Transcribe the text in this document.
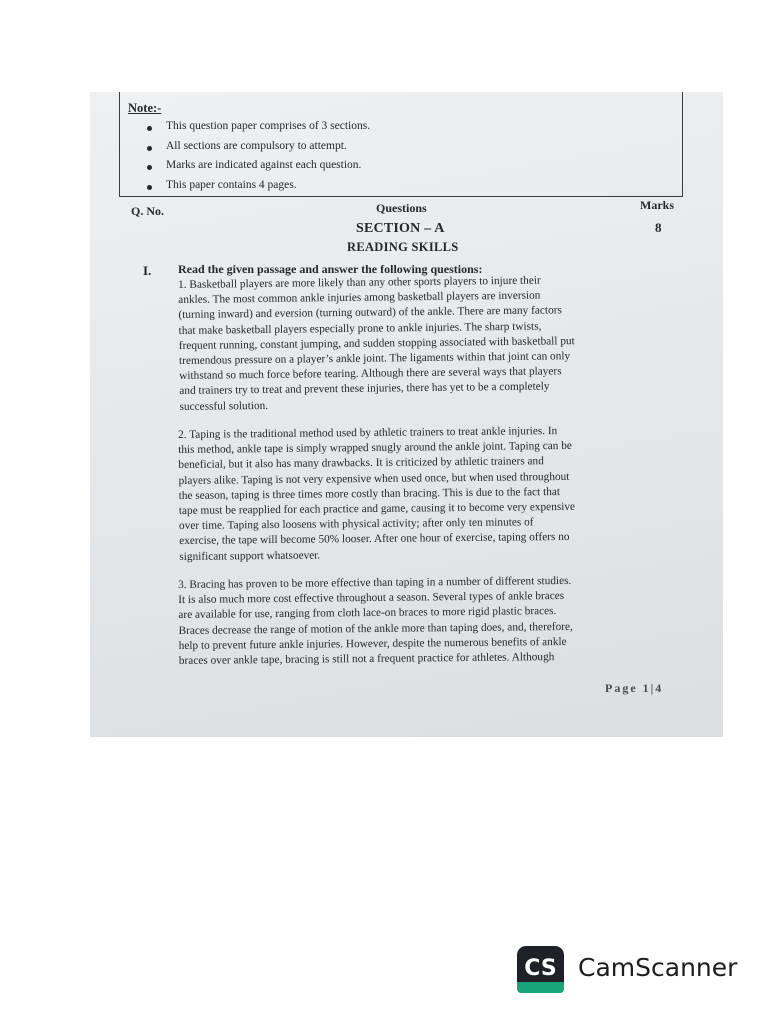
Note:-
This question paper comprises of 3 sections.
All sections are compulsory to attempt.
Marks are indicated against each question.
This paper contains 4 pages.
Q. No.	Questions	Marks
SECTION – A	8
READING SKILLS
I. Read the given passage and answer the following questions:
1. Basketball players are more likely than any other sports players to injure their
ankles. The most common ankle injuries among basketball players are inversion
(turning inward) and eversion (turning outward) of the ankle. There are many factors
that make basketball players especially prone to ankle injuries. The sharp twists,
frequent running, constant jumping, and sudden stopping associated with basketball put
tremendous pressure on a player’s ankle joint. The ligaments within that joint can only
withstand so much force before tearing. Although there are several ways that players
and trainers try to treat and prevent these injuries, there has yet to be a completely
successful solution.
2. Taping is the traditional method used by athletic trainers to treat ankle injuries. In
this method, ankle tape is simply wrapped snugly around the ankle joint. Taping can be
beneficial, but it also has many drawbacks. It is criticized by athletic trainers and
players alike. Taping is not very expensive when used once, but when used throughout
the season, taping is three times more costly than bracing. This is due to the fact that
tape must be reapplied for each practice and game, causing it to become very expensive
over time. Taping also loosens with physical activity; after only ten minutes of
exercise, the tape will become 50% looser. After one hour of exercise, taping offers no
significant support whatsoever.
3. Bracing has proven to be more effective than taping in a number of different studies.
It is also much more cost effective throughout a season. Several types of ankle braces
are available for use, ranging from cloth lace-on braces to more rigid plastic braces.
Braces decrease the range of motion of the ankle more than taping does, and, therefore,
help to prevent future ankle injuries. However, despite the numerous benefits of ankle
braces over ankle tape, bracing is still not a frequent practice for athletes. Although
Page 1|4
CS CamScanner
